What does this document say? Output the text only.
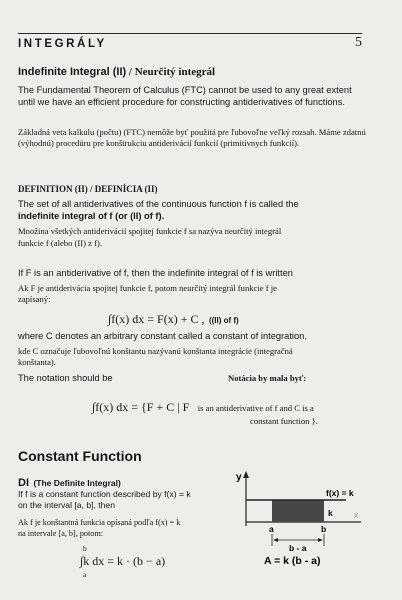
INTEGRÁLY	5
Indefinite Integral (II) / Neurčitý integrál
The Fundamental Theorem of Calculus (FTC) cannot be used to any great extent until we have an efficient procedure for constructing antiderivatives of functions.
Základná veta kalkulu (počtu) (FTC) nemôže byť použitá pre ľubovoľne veľký rozsah. Máme zdatnú (výhodnú) procedúru pre konštrukciu antiderivácií funkcií (primitívnych funkcií).
DEFINITION (II) / DEFINÍCIA (II)
The set of all antiderivatives of the continuous function f is called the
indefinite integral of f (or (II) of f).
Množina všetkých antiderivácií spojitej funkcie f sa nazýva neurčitý integrál
funkcie f (alebo (II) z f).
If F is an antiderivative of f, then the indefinite integral of f is written
Ak F je antiderivácia spojitej funkcie f, potom neurčitý integrál funkcie f je
zapísaný:
∫f(x) dx = F(x) + C , ((II) of f)
where C denotes an arbitrary constant called a constant of integration.
kde C označuje ľubovoľnú konštantu nazývanú konštanta integrácie (integračná
konštanta).
The notation should be	Notácia by mala byť:
∫f(x) dx = {F + C | F is an antiderivative of f and C is a
constant function }.
Constant Function
DI (The Definite Integral)
If f is a constant function described by f(x) = k
on the interval [a, b], then
Ak f je konštantná funkcia opísaná podľa f(x) = k
na intervale [a, b], potom:
b
a
∫k dx = k · (b − a)
y
x
f(x) = k
k
a	b
b - a
A = k (b - a)
